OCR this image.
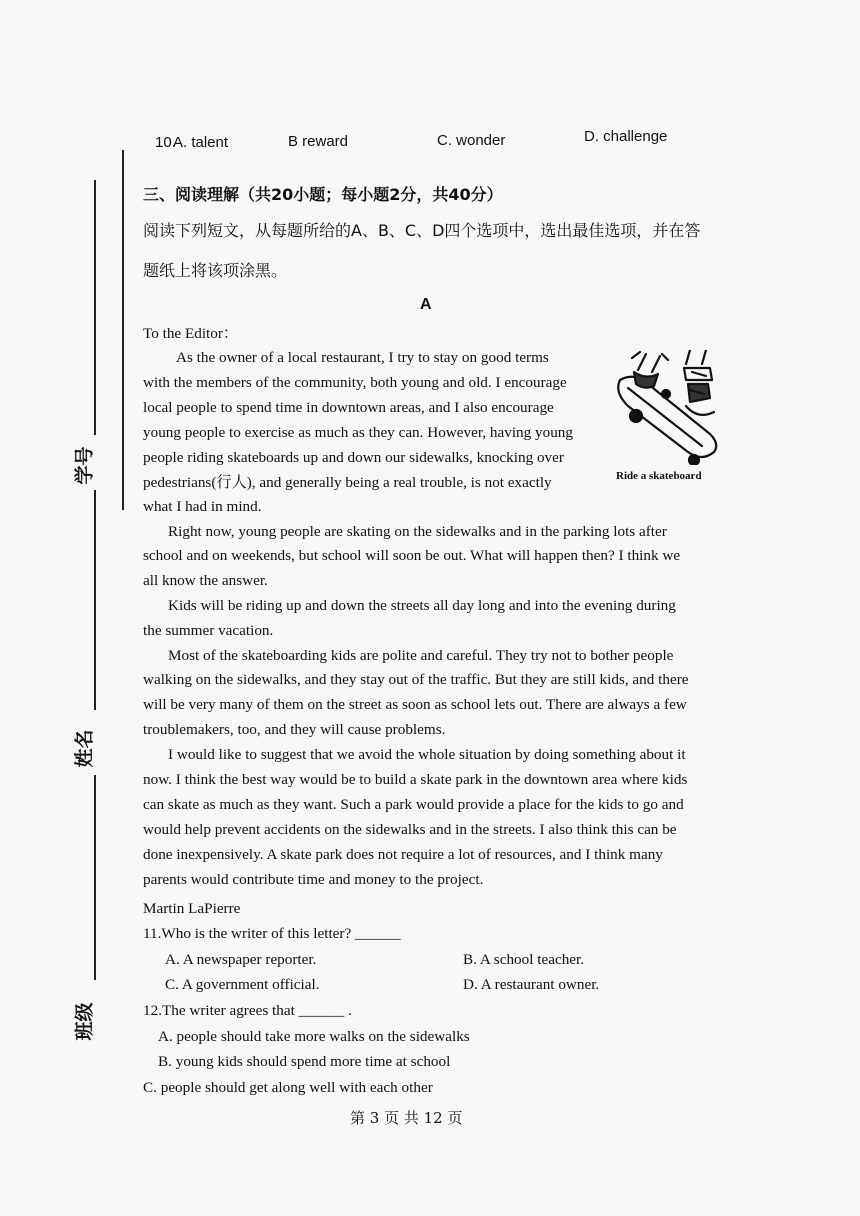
学号
姓名
班级
10.
A. talent	B reward	C. wonder	D. challenge
三、阅读理解（共20小题；每小题2分，共40分）
阅读下列短文，从每题所给的A、B、C、D四个选项中，选出最佳选项，并在答
题纸上将该项涂黑。
A
To the Editor：
As the owner of a local restaurant, I try to stay on good terms
with the members of the community, both young and old. I encourage
local people to spend time in downtown areas, and I also encourage
young people to exercise as much as they can. However, having young
people riding skateboards up and down our sidewalks, knocking over
pedestrians(行人), and generally being a real trouble, is not exactly
what I had in mind.
Ride a skateboard
Right now, young people are skating on the sidewalks and in the parking lots after
school and on weekends, but school will soon be out. What will happen then? I think we
all know the answer.
Kids will be riding up and down the streets all day long and into the evening during
the summer vacation.
Most of the skateboarding kids are polite and careful. They try not to bother people
walking on the sidewalks, and they stay out of the traffic. But they are still kids, and there
will be very many of them on the street as soon as school lets out. There are always a few
troublemakers, too, and they will cause problems.
I would like to suggest that we avoid the whole situation by doing something about it
now. I think the best way would be to build a skate park in the downtown area where kids
can skate as much as they want. Such a park would provide a place for the kids to go and
would help prevent accidents on the sidewalks and in the streets. I also think this can be
done inexpensively. A skate park does not require a lot of resources, and I think many
parents would contribute time and money to the project.
Martin LaPierre
11.Who is the writer of this letter? ______
A. A newspaper reporter.	B. A school teacher.
C. A government official.	D. A restaurant owner.
12.The writer agrees that ______ .
A. people should take more walks on the sidewalks
B. young kids should spend more time at school
C. people should get along well with each other
第 3 页 共 12 页
